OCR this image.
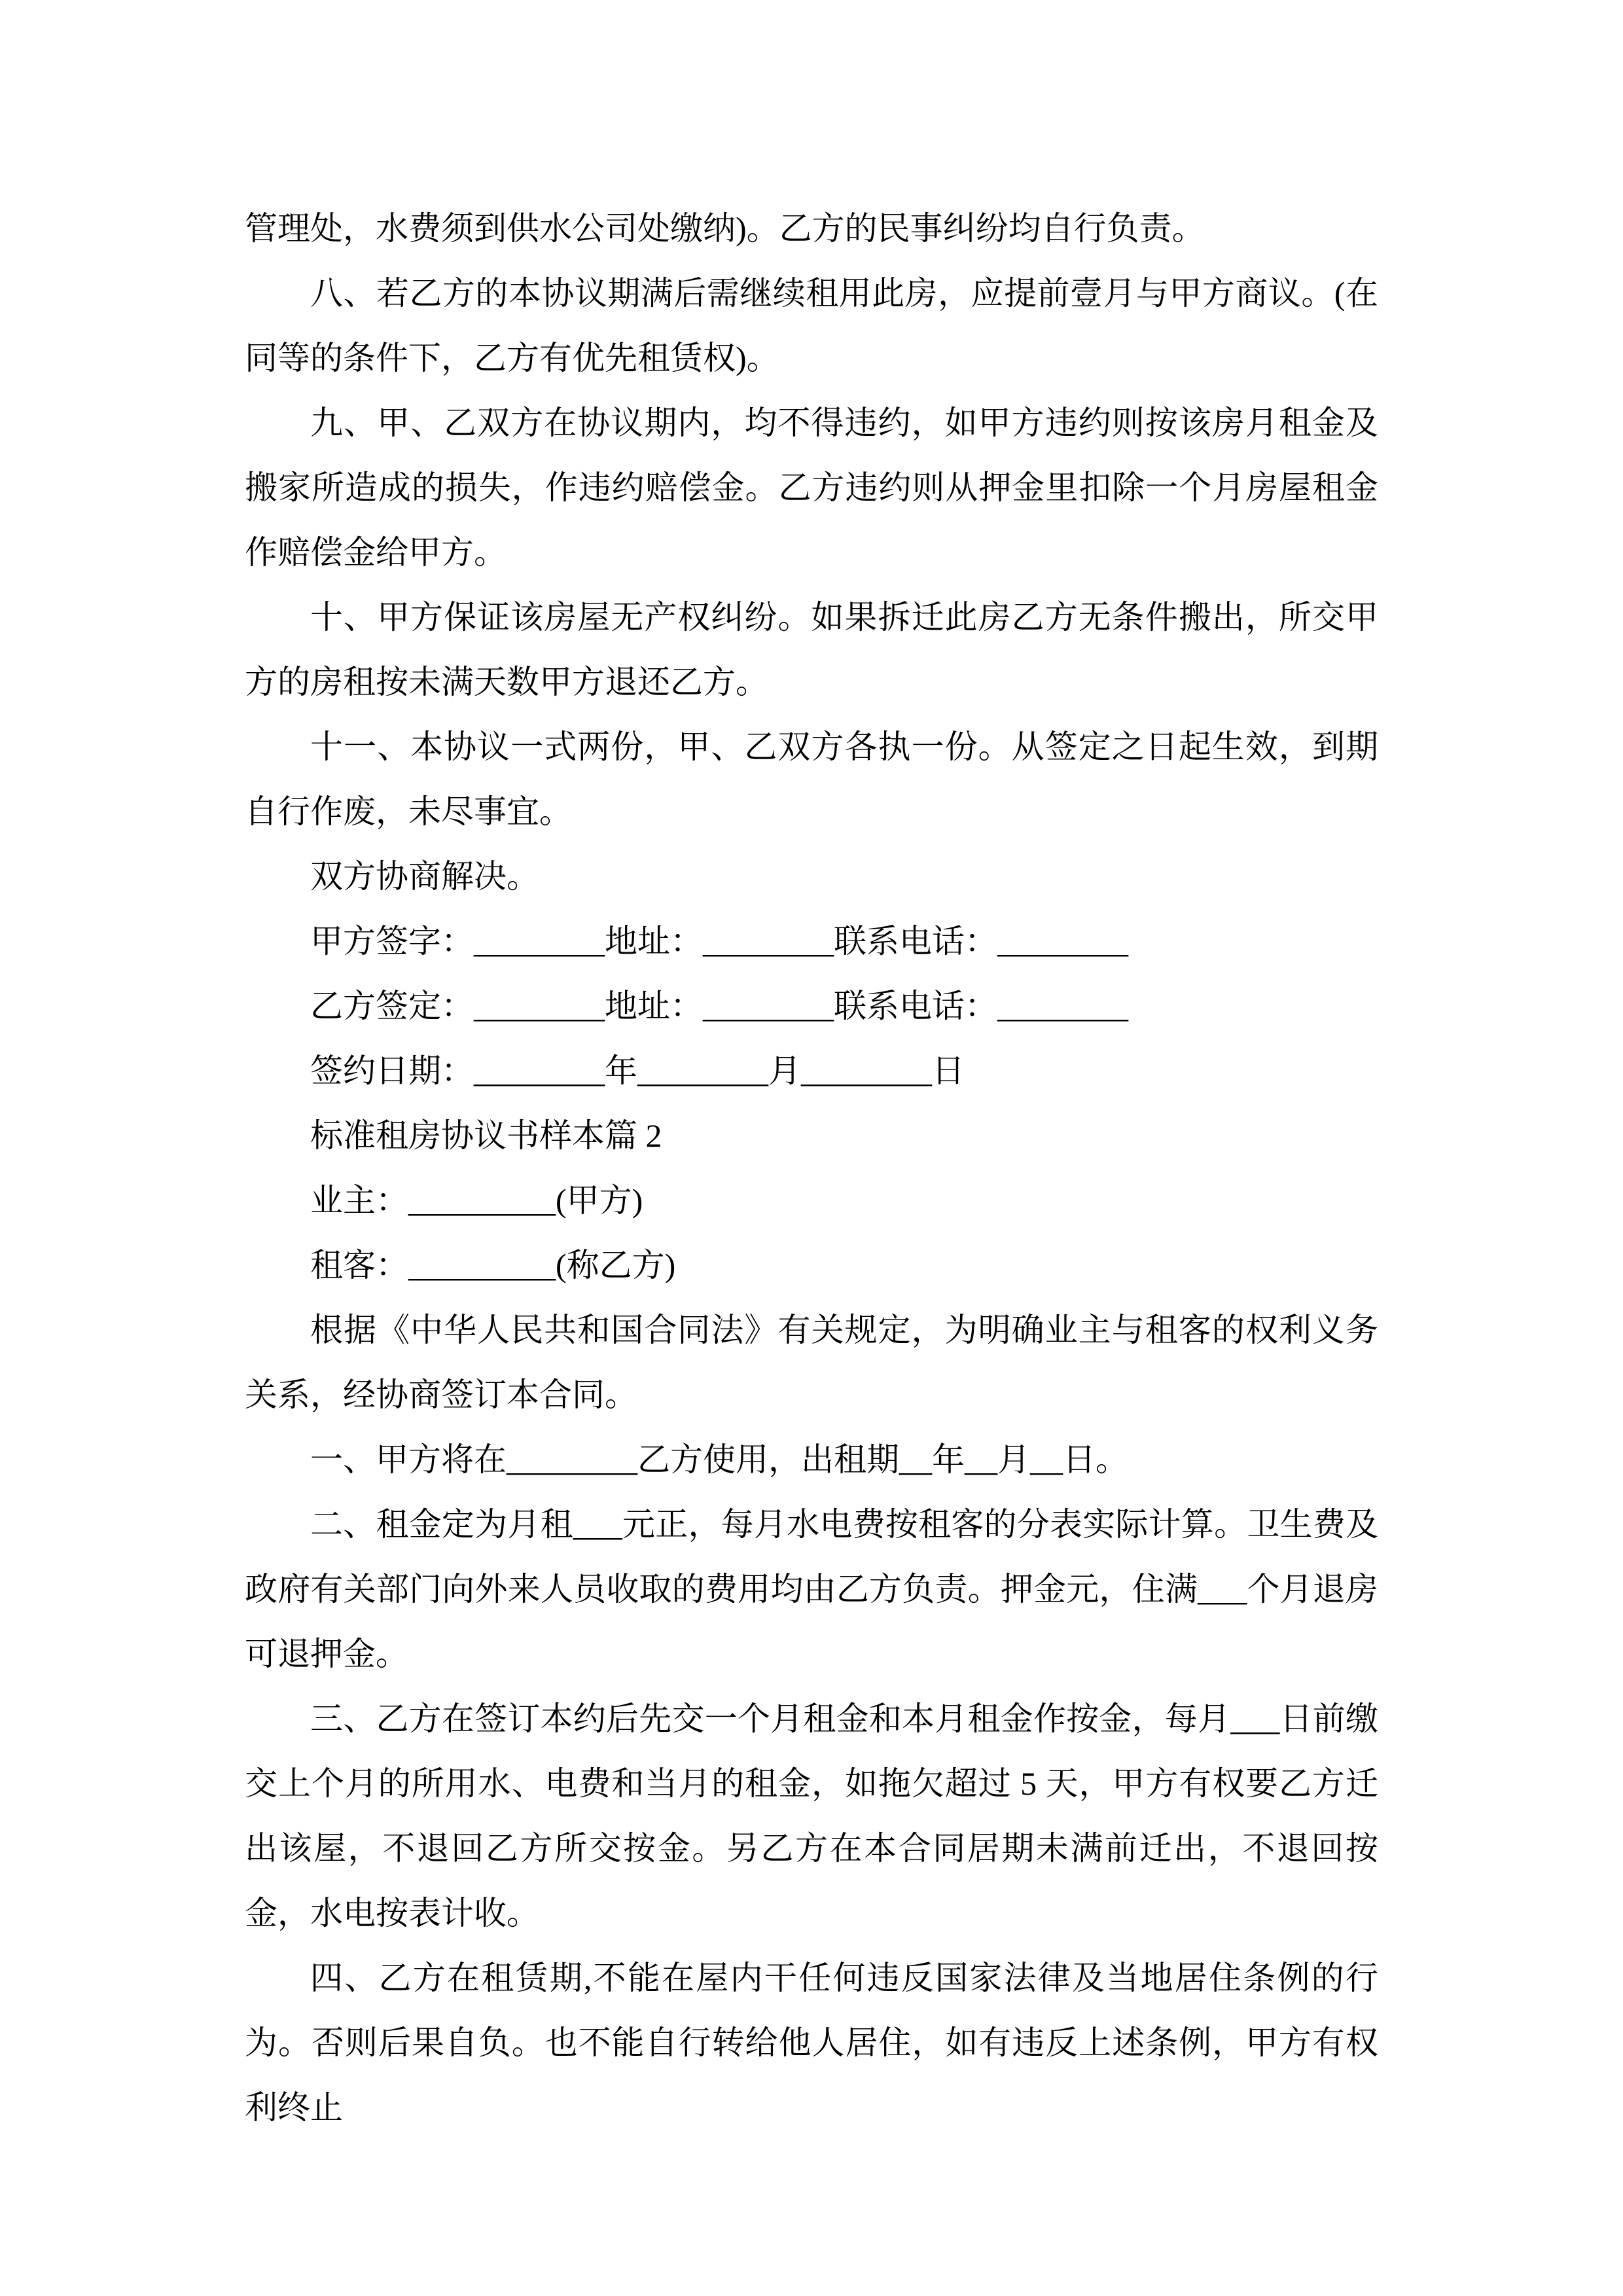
管理处，水费须到供水公司处缴纳)。乙方的民事纠纷均自行负责。

八、若乙方的本协议期满后需继续租用此房，应提前壹月与甲方商议。(在同等的条件下，乙方有优先租赁权)。

九、甲、乙双方在协议期内，均不得违约，如甲方违约则按该房月租金及搬家所造成的损失，作违约赔偿金。乙方违约则从押金里扣除一个月房屋租金作赔偿金给甲方。

十、甲方保证该房屋无产权纠纷。如果拆迁此房乙方无条件搬出，所交甲方的房租按未满天数甲方退还乙方。

十一、本协议一式两份，甲、乙双方各执一份。从签定之日起生效，到期自行作废，未尽事宜。

双方协商解决。

甲方签字：________地址：________联系电话：________

乙方签定：________地址：________联系电话：________

签约日期：________年________月________日

标准租房协议书样本篇 2

业主：_________(甲方)

租客：_________(称乙方)

根据《中华人民共和国合同法》有关规定，为明确业主与租客的权利义务关系，经协商签订本合同。

一、甲方将在________乙方使用，出租期__年__月__日。

二、租金定为月租___元正，每月水电费按租客的分表实际计算。卫生费及政府有关部门向外来人员收取的费用均由乙方负责。押金元，住满___个月退房可退押金。

三、乙方在签订本约后先交一个月租金和本月租金作按金，每月___日前缴交上个月的所用水、电费和当月的租金，如拖欠超过 5 天，甲方有权要乙方迁出该屋，不退回乙方所交按金。另乙方在本合同居期未满前迁出，不退回按金，水电按表计收。

四、乙方在租赁期,不能在屋内干任何违反国家法律及当地居住条例的行为。否则后果自负。也不能自行转给他人居住，如有违反上述条例，甲方有权利终止
